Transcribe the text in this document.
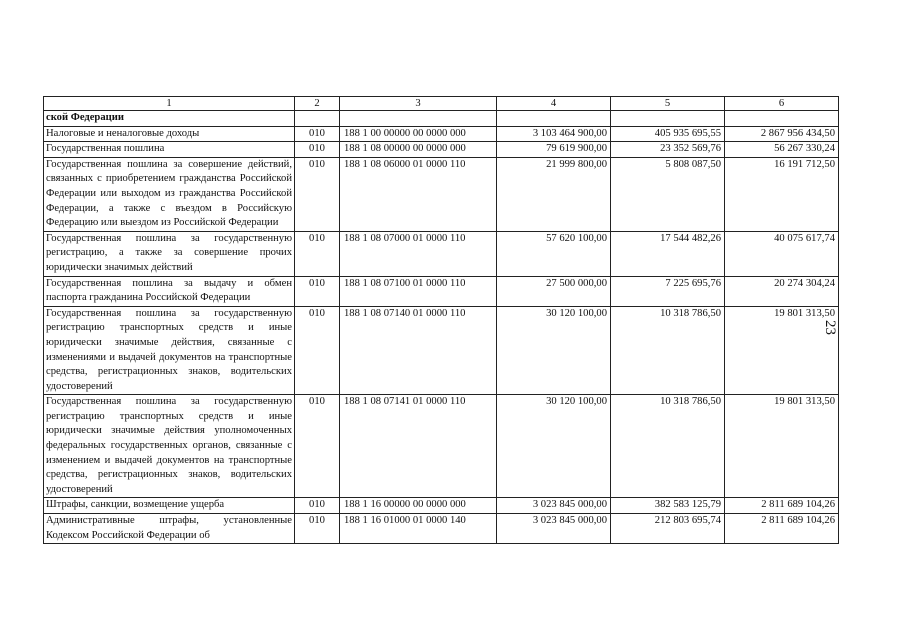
1	2	3	4	5	6
ской Федерации					
Налоговые и неналоговые доходы	010	188 1 00 00000 00 0000 000	3 103 464 900,00	405 935 695,55	2 867 956 434,50
Государственная пошлина	010	188 1 08 00000 00 0000 000	79 619 900,00	23 352 569,76	56 267 330,24
Государственная пошлина за совершение действий, связанных с приобретением гражданства Российской Федерации или выходом из гражданства Российской Федерации, а также с въездом в Российскую Федерацию или выездом из Российской Федерации	010	188 1 08 06000 01 0000 110	21 999 800,00	5 808 087,50	16 191 712,50
Государственная пошлина за государственную регистрацию, а также за совершение прочих юридически значимых действий	010	188 1 08 07000 01 0000 110	57 620 100,00	17 544 482,26	40 075 617,74
Государственная пошлина за выдачу и обмен паспорта гражданина Российской Федерации	010	188 1 08 07100 01 0000 110	27 500 000,00	7 225 695,76	20 274 304,24
Государственная пошлина за государственную регистрацию транспортных средств и иные юридически значимые действия, связанные с изменениями и выдачей документов на транспортные средства, регистрационных знаков, водительских удостоверений	010	188 1 08 07140 01 0000 110	30 120 100,00	10 318 786,50	19 801 313,50
Государственная пошлина за государственную регистрацию транспортных средств и иные юридически значимые действия уполномоченных федеральных государственных органов, связанные с изменением и выдачей документов на транспортные средства, регистрационных знаков, водительских удостоверений	010	188 1 08 07141 01 0000 110	30 120 100,00	10 318 786,50	19 801 313,50
Штрафы, санкции, возмещение ущерба	010	188 1 16 00000 00 0000 000	3 023 845 000,00	382 583 125,79	2 811 689 104,26
Административные штрафы, установленные Кодексом Российской Федерации об	010	188 1 16 01000 01 0000 140	3 023 845 000,00	212 803 695,74	2 811 689 104,26
23
